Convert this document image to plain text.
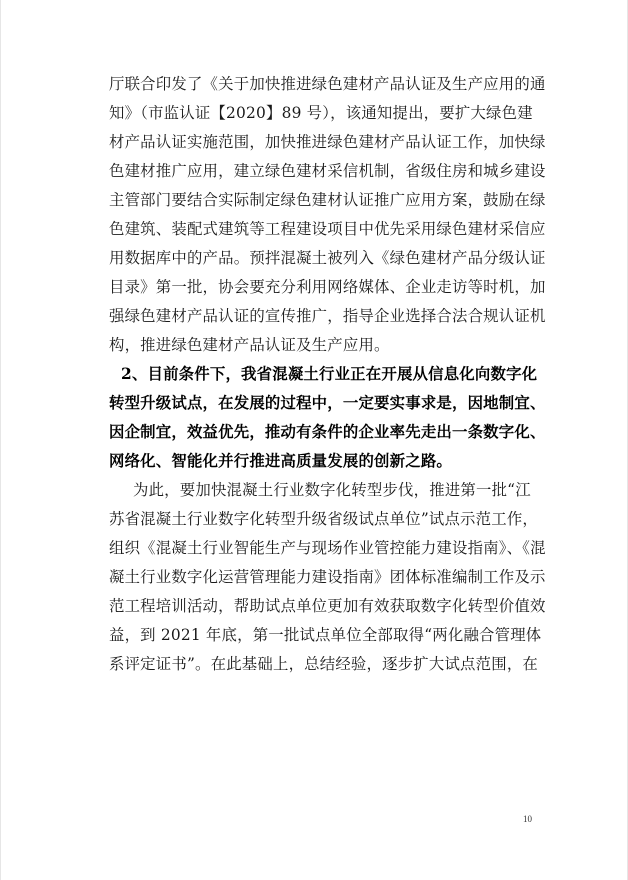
厅联合印发了《关于加快推进绿色建材产品认证及生产应用的通
知》（市监认证【2020】89 号），该通知提出，要扩大绿色建
材产品认证实施范围，加快推进绿色建材产品认证工作，加快绿
色建材推广应用，建立绿色建材采信机制，省级住房和城乡建设
主管部门要结合实际制定绿色建材认证推广应用方案，鼓励在绿
色建筑、装配式建筑等工程建设项目中优先采用绿色建材采信应
用数据库中的产品。预拌混凝土被列入《绿色建材产品分级认证
目录》第一批，协会要充分利用网络媒体、企业走访等时机，加
强绿色建材产品认证的宣传推广，指导企业选择合法合规认证机
构，推进绿色建材产品认证及生产应用。
2、目前条件下，我省混凝土行业正在开展从信息化向数字化
转型升级试点，在发展的过程中，一定要实事求是，因地制宜、
因企制宜，效益优先，推动有条件的企业率先走出一条数字化、
网络化、智能化并行推进高质量发展的创新之路。
为此，要加快混凝土行业数字化转型步伐，推进第一批“江
苏省混凝土行业数字化转型升级省级试点单位”试点示范工作，
组织《混凝土行业智能生产与现场作业管控能力建设指南》、《混
凝土行业数字化运营管理能力建设指南》团体标准编制工作及示
范工程培训活动，帮助试点单位更加有效获取数字化转型价值效
益，到 2021 年底，第一批试点单位全部取得“两化融合管理体
系评定证书”。在此基础上，总结经验，逐步扩大试点范围，在
10
